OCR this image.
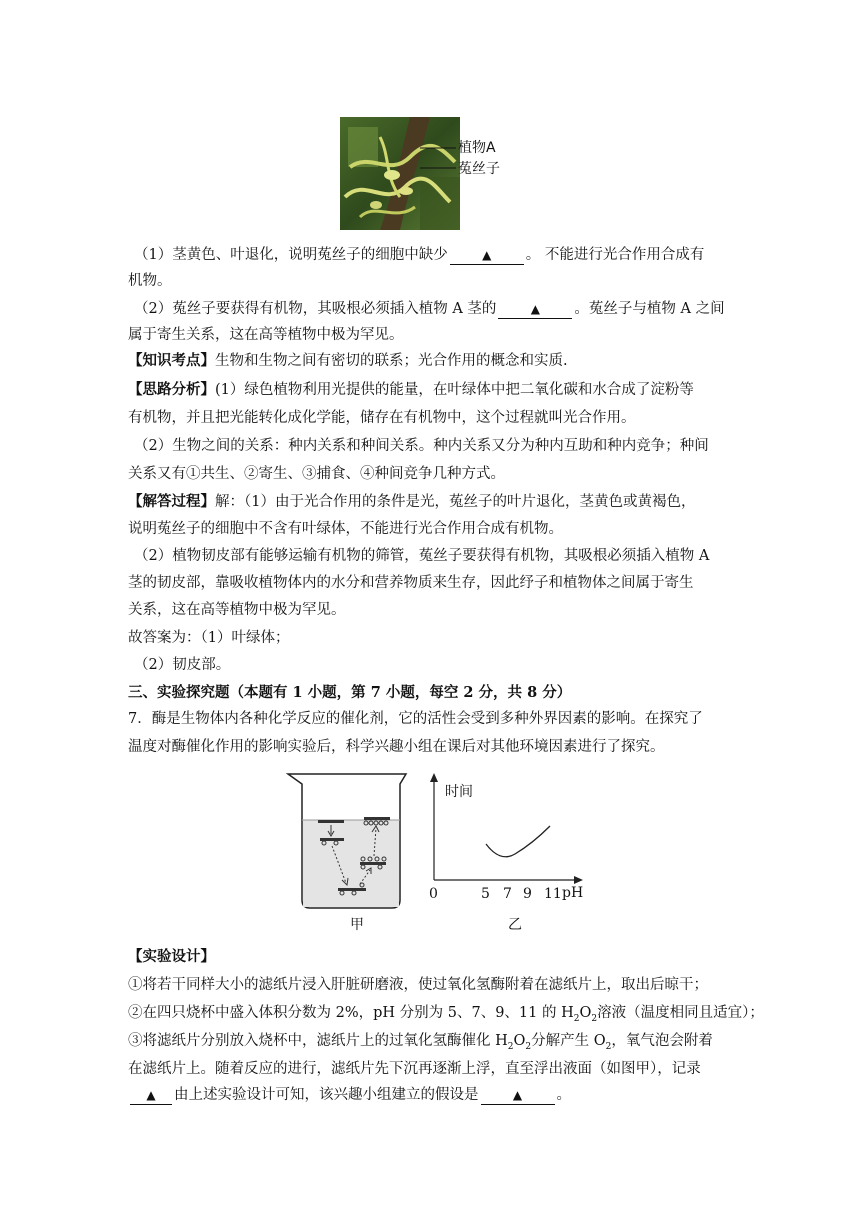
植物A
菟丝子
（1）茎黄色、叶退化，说明菟丝子的细胞中缺少	▲ 。 不能进行光合作用合成有
机物。
（2）菟丝子要获得有机物，其吸根必须插入植物 A 茎的	▲ 。菟丝子与植物 A 之间
属于寄生关系，这在高等植物中极为罕见。
【知识考点】生物和生物之间有密切的联系；光合作用的概念和实质.
【思路分析】(1）绿色植物利用光提供的能量，在叶绿体中把二氧化碳和水合成了淀粉等
有机物，并且把光能转化成化学能，储存在有机物中，这个过程就叫光合作用。
（2）生物之间的关系：种内关系和种间关系。种内关系又分为种内互助和种内竞争；种间
关系又有①共生、②寄生、③捕食、④种间竞争几种方式。
【解答过程】解：（1）由于光合作用的条件是光，菟丝子的叶片退化，茎黄色或黄褐色，
说明菟丝子的细胞中不含有叶绿体，不能进行光合作用合成有机物。
（2）植物韧皮部有能够运输有机物的筛管，菟丝子要获得有机物，其吸根必须插入植物 A
茎的韧皮部，靠吸收植物体内的水分和营养物质来生存，因此纾子和植物体之间属于寄生
关系，这在高等植物中极为罕见。
故答案为：（1）叶绿体；
（2）韧皮部。
三、实验探究题（本题有 1 小题，第 7 小题，每空 2 分，共 8 分）
7．酶是生物体内各种化学反应的催化剂，它的活性会受到多种外界因素的影响。在探究了
温度对酶催化作用的影响实验后，科学兴趣小组在课后对其他环境因素进行了探究。
时间
0	5 7 9 11 pH
甲	乙
【实验设计】
①将若干同样大小的滤纸片浸入肝脏研磨液，使过氧化氢酶附着在滤纸片上，取出后晾干；
②在四只烧杯中盛入体积分数为 2%，pH 分别为 5、7、9、11 的 $H_2O_2$溶液（温度相同且适宜）；
③将滤纸片分别放入烧杯中，滤纸片上的过氧化氢酶催化 $H_2O_2$分解产生 $O_2$，氧气泡会附着
在滤纸片上。随着反应的进行，滤纸片先下沉再逐渐上浮，直至浮出液面（如图甲），记录
▲ 由上述实验设计可知，该兴趣小组建立的假设是	▲ 。
